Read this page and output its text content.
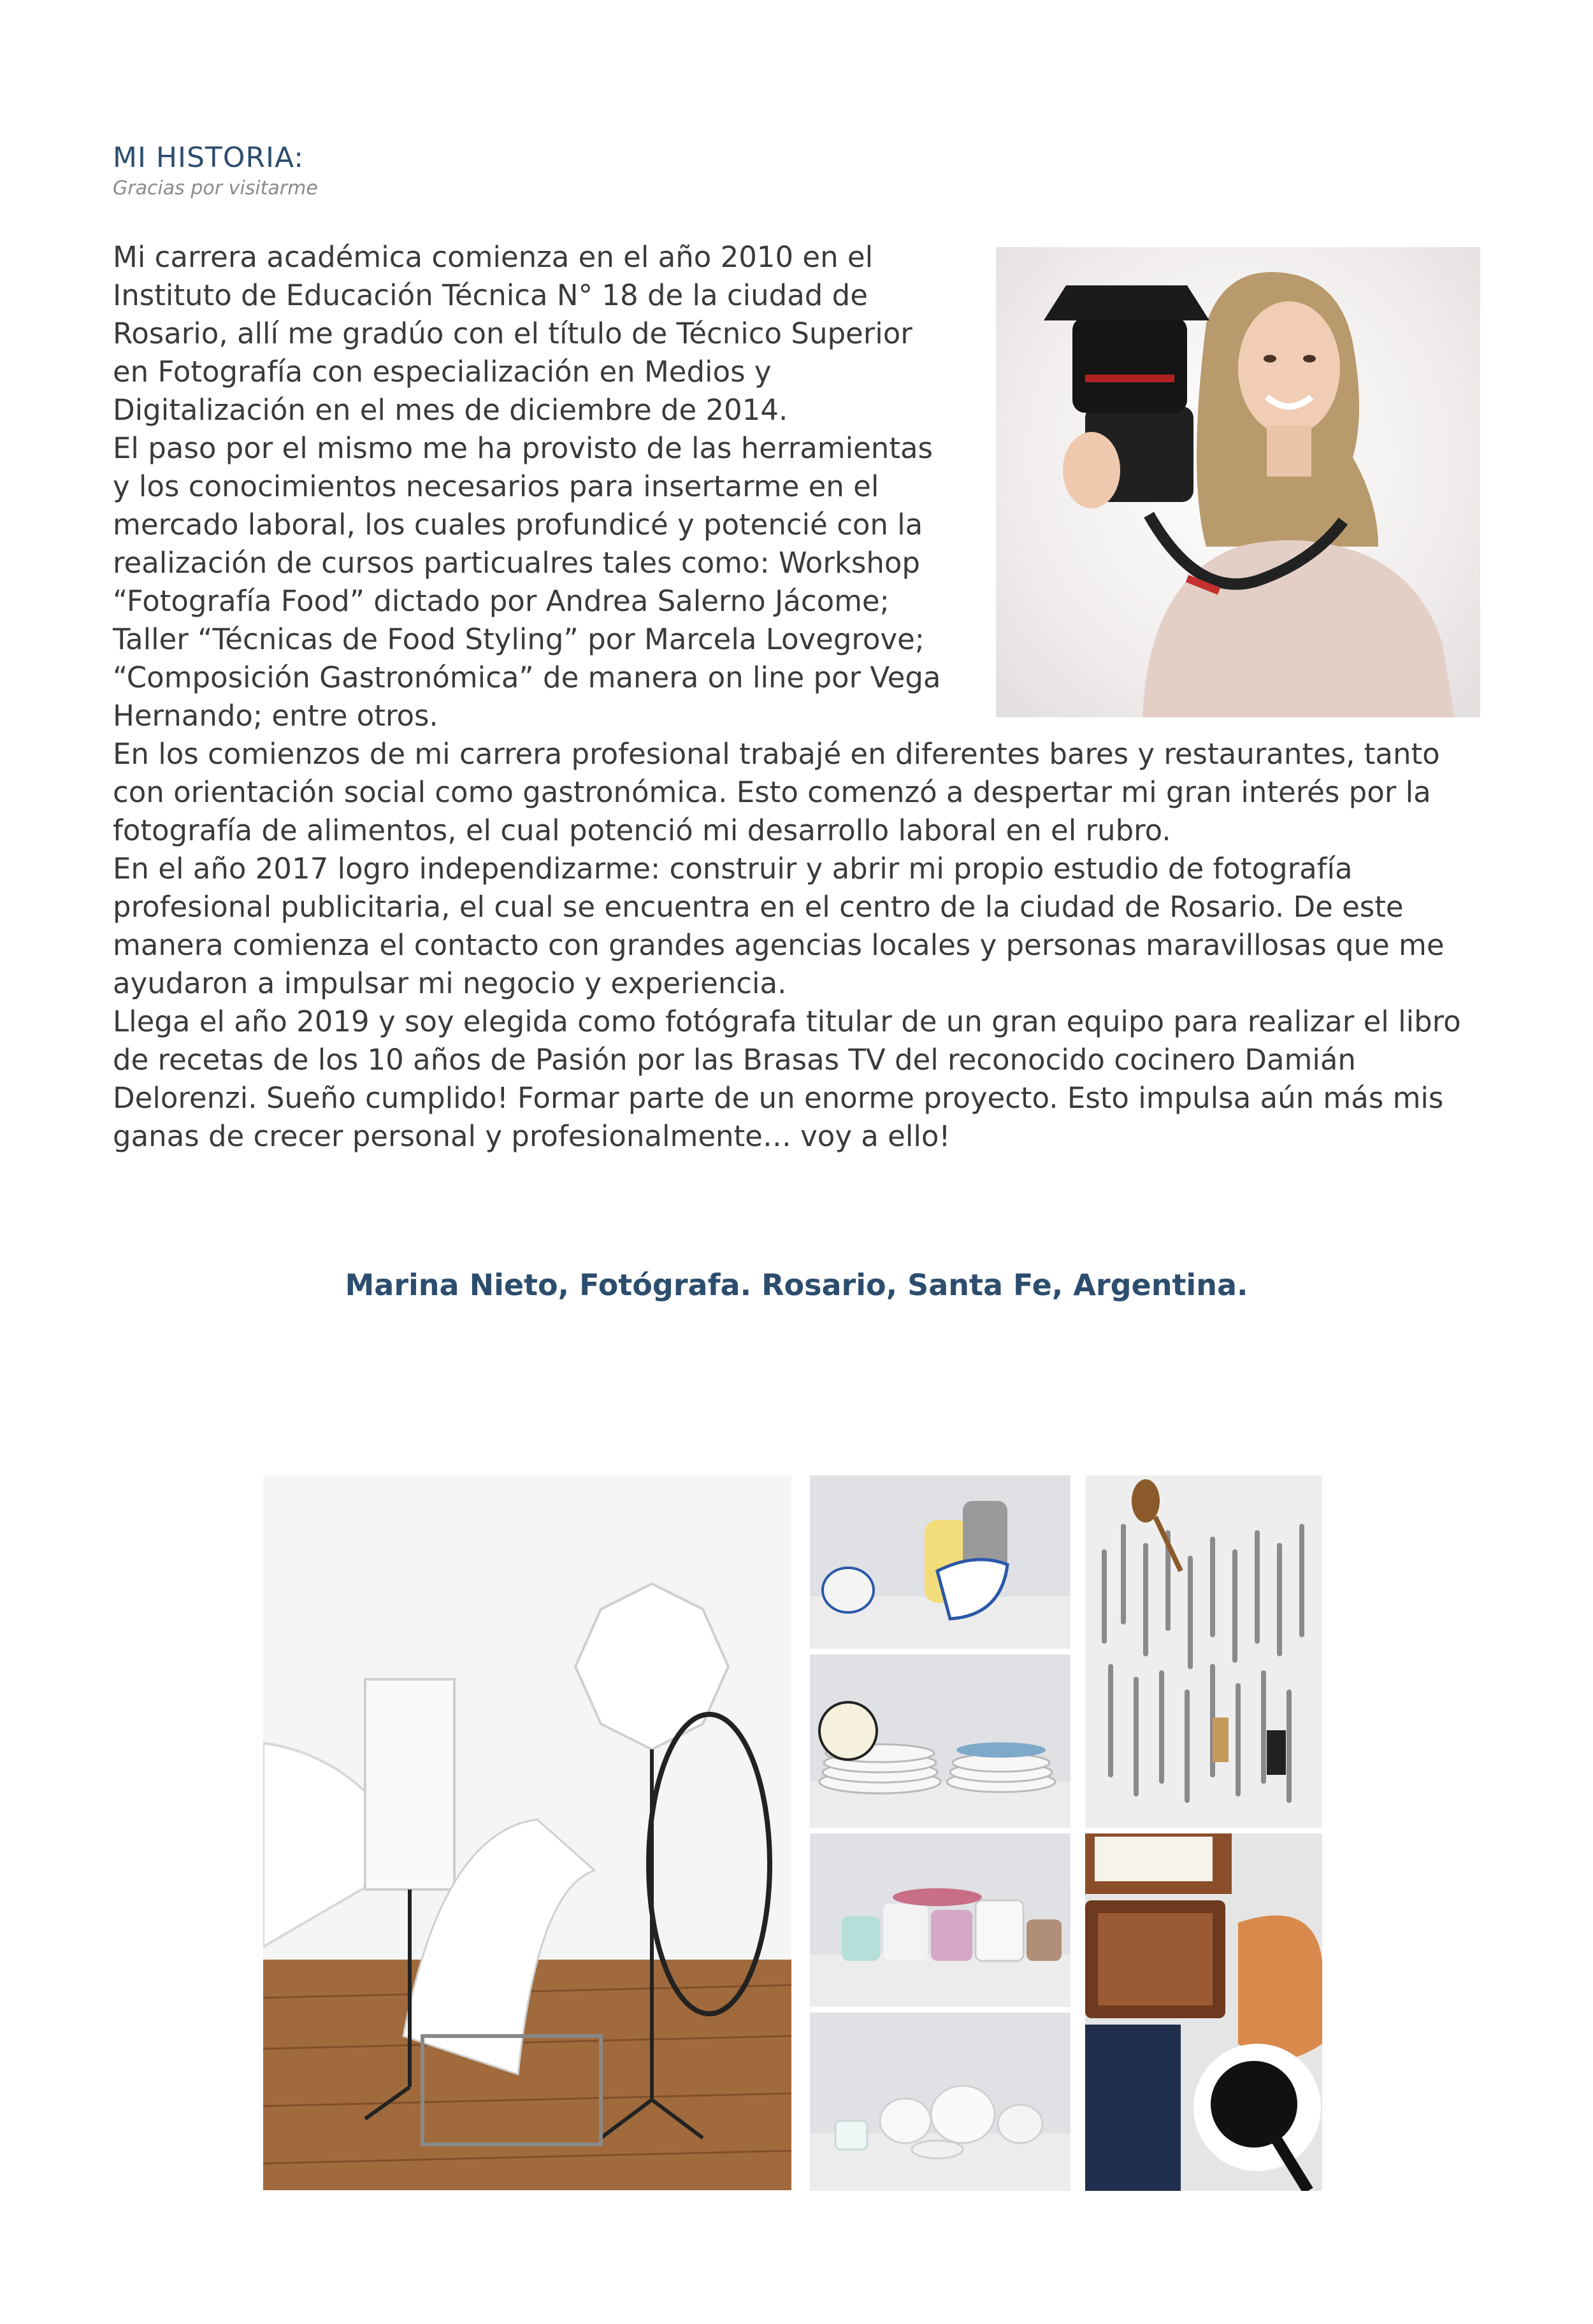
MI HISTORIA:
Gracias por visitarme

Mi carrera académica comienza en el año 2010 en el Instituto de Educación Técnica N° 18 de la ciudad de Rosario, allí me gradúo con el título de Técnico Superior en Fotografía con especialización en Medios y Digitalización en el mes de diciembre de 2014.

El paso por el mismo me ha provisto de las herramientas y los conocimientos necesarios para insertarme en el mercado laboral, los cuales profundicé y potencié con la realización de cursos particualres tales como: Workshop “Fotografía Food” dictado por Andrea Salerno Jácome; Taller “Técnicas de Food Styling” por Marcela Lovegrove; “Composición Gastronómica” de manera on line por Vega Hernando; entre otros.

En los comienzos de mi carrera profesional trabajé en diferentes bares y restaurantes, tanto con orientación social como gastronómica. Esto comenzó a despertar mi gran interés por la fotografía de alimentos, el cual potenció mi desarrollo laboral en el rubro.

En el año 2017 logro independizarme: construir y abrir mi propio estudio de fotografía profesional publicitaria, el cual se encuentra en el centro de la ciudad de Rosario. De este manera comienza el contacto con grandes agencias locales y personas maravillosas que me ayudaron a impulsar mi negocio y experiencia.

Llega el año 2019 y soy elegida como fotógrafa titular de un gran equipo para realizar el libro de recetas de los 10 años de Pasión por las Brasas TV del reconocido cocinero Damián Delorenzi. Sueño cumplido! Formar parte de un enorme proyecto. Esto impulsa aún más mis ganas de crecer personal y profesionalmente… voy a ello!

Marina Nieto, Fotógrafa. Rosario, Santa Fe, Argentina.
